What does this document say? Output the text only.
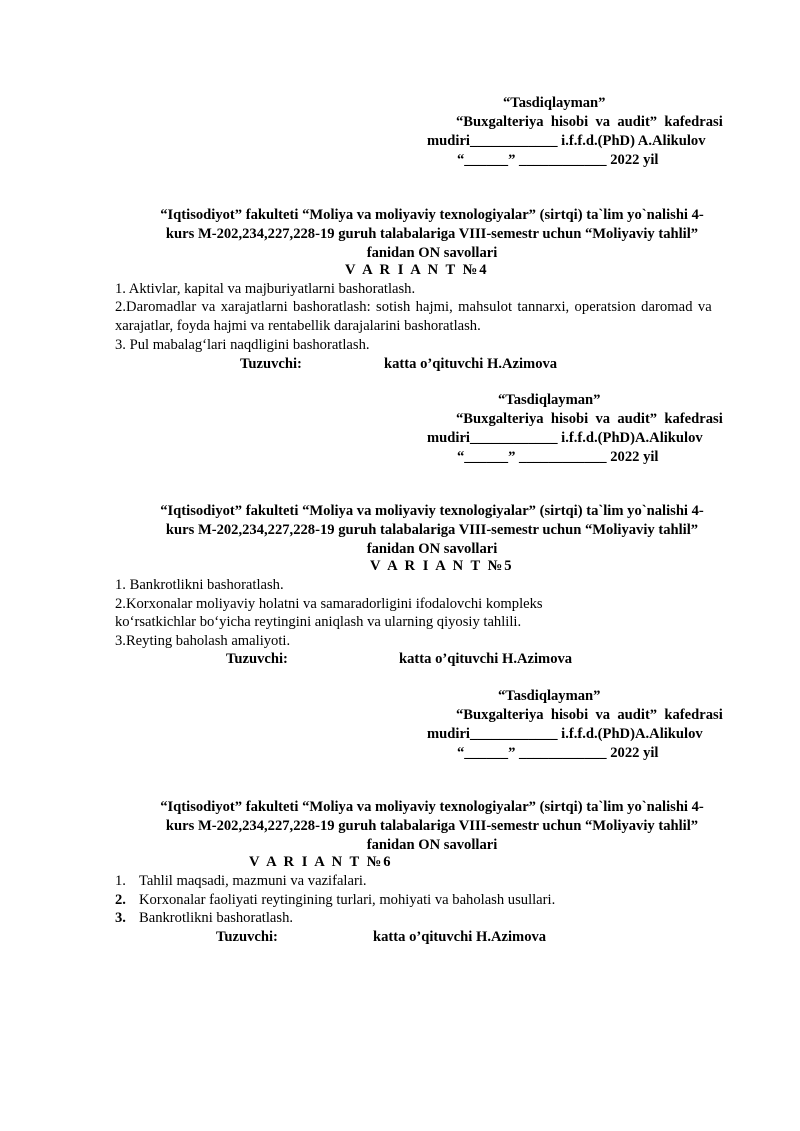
“Tasdiqlayman”
“Buxgalteriya  hisobi  va  audit”  kafedrasi
mudiri____________ i.f.f.d.(PhD) A.Alikulov
“______” ____________ 2022 yil
“Iqtisodiyot” fakulteti “Moliya va moliyaviy texnologiyalar” (sirtqi) ta`lim yo`nalishi 4-
kurs M-202,234,227,228-19 guruh talabalariga VIII-semestr uchun “Moliyaviy tahlil”
fanidan ON savollari
V A R I A N T №4
1. Aktivlar, kapital va majburiyatlarni bashoratlash.
2.Daromadlar va xarajatlarni bashoratlash: sotish hajmi, mahsulot tannarxi, operatsion daromad va
xarajatlar, foyda hajmi va rentabellik darajalarini bashoratlash.
3. Pul mabalag‘lari naqdligini bashoratlash.
Tuzuvchi:	katta o’qituvchi H.Azimova
“Tasdiqlayman”
“Buxgalteriya  hisobi  va  audit”  kafedrasi
mudiri____________ i.f.f.d.(PhD)A.Alikulov
“______” ____________ 2022 yil
“Iqtisodiyot” fakulteti “Moliya va moliyaviy texnologiyalar” (sirtqi) ta`lim yo`nalishi 4-
kurs M-202,234,227,228-19 guruh talabalariga VIII-semestr uchun “Moliyaviy tahlil”
fanidan ON savollari
V A R I A N T №5
1. Bankrotlikni bashoratlash.
2.Korxonalar moliyaviy holatni va samaradorligini ifodalovchi kompleks
ko‘rsatkichlar bo‘yicha reytingini aniqlash va ularning qiyosiy tahlili.
3.Reyting baholash amaliyoti.
Tuzuvchi:	katta o’qituvchi H.Azimova
“Tasdiqlayman”
“Buxgalteriya  hisobi  va  audit”  kafedrasi
mudiri____________ i.f.f.d.(PhD)A.Alikulov
“______” ____________ 2022 yil
“Iqtisodiyot” fakulteti “Moliya va moliyaviy texnologiyalar” (sirtqi) ta`lim yo`nalishi 4-
kurs M-202,234,227,228-19 guruh talabalariga VIII-semestr uchun “Moliyaviy tahlil”
fanidan ON savollari
V A R I A N T №6
1. Tahlil maqsadi, mazmuni va vazifalari.
2. Korxonalar faoliyati reytingining turlari, mohiyati va baholash usullari.
3. Bankrotlikni bashoratlash.
Tuzuvchi:	katta o’qituvchi H.Azimova
